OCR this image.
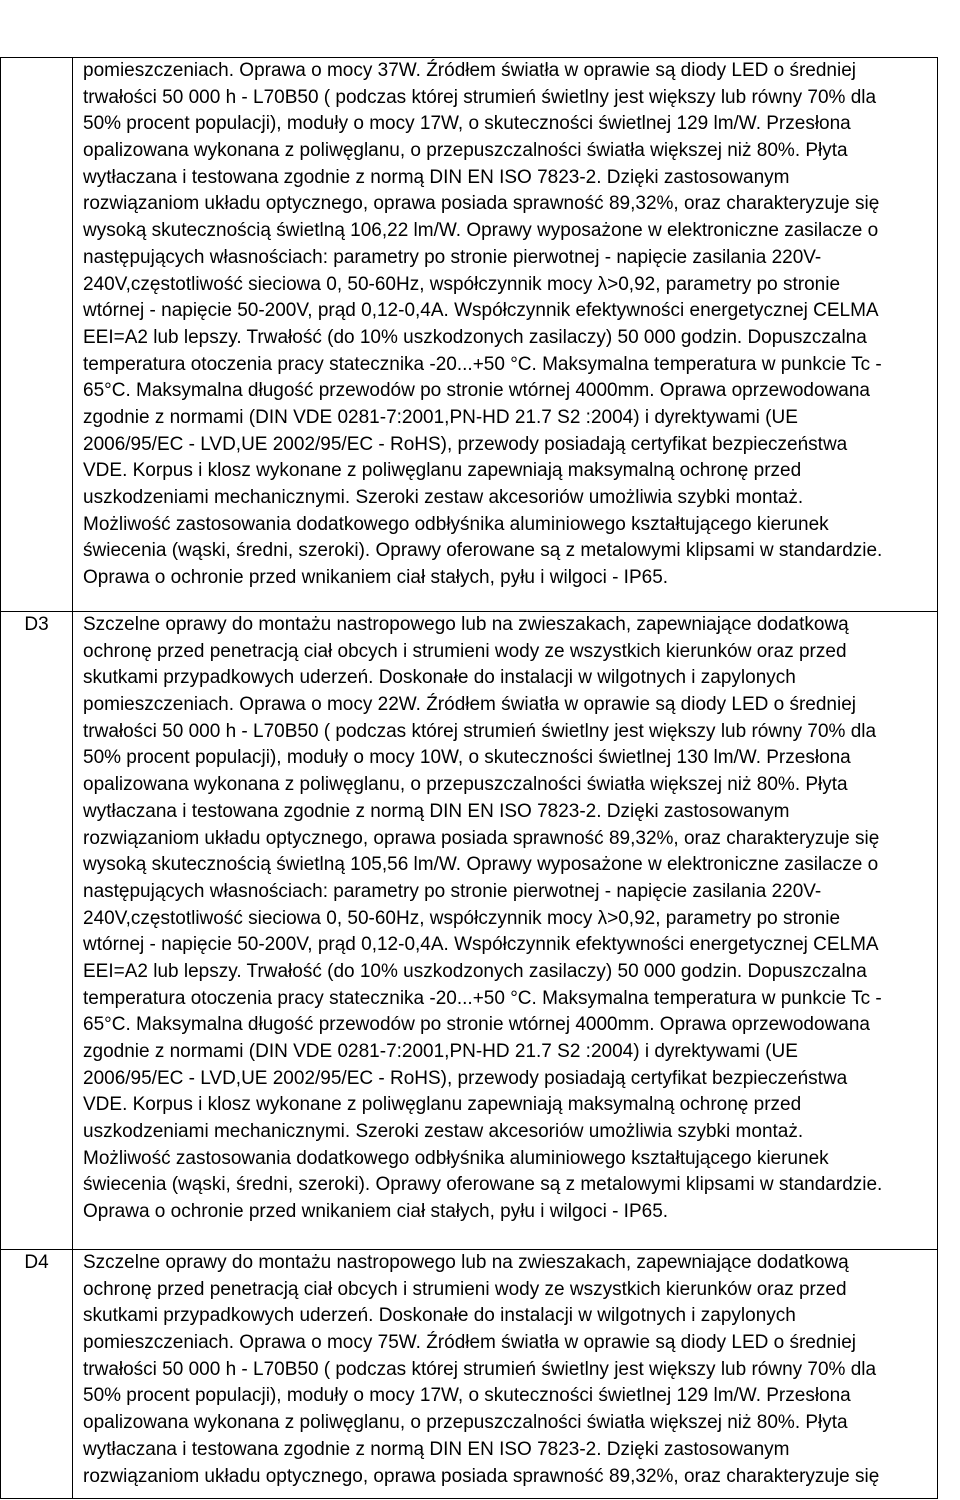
pomieszczeniach. Oprawa o mocy 37W. Źródłem światła w oprawie są diody LED o średniej
trwałości 50 000 h - L70B50 ( podczas której strumień świetlny jest większy lub równy 70% dla
50% procent populacji), moduły o mocy 17W, o skuteczności świetlnej 129 lm/W. Przesłona
opalizowana wykonana z poliwęglanu, o przepuszczalności światła większej niż 80%. Płyta
wytłaczana i testowana zgodnie z normą DIN EN ISO 7823-2. Dzięki zastosowanym
rozwiązaniom układu optycznego, oprawa posiada sprawność 89,32%, oraz charakteryzuje się
wysoką skutecznością świetlną 106,22 lm/W. Oprawy wyposażone w elektroniczne zasilacze o
następujących własnościach: parametry po stronie pierwotnej - napięcie zasilania 220V-
240V,częstotliwość sieciowa 0, 50-60Hz, współczynnik mocy λ>0,92, parametry po stronie
wtórnej - napięcie 50-200V, prąd 0,12-0,4A. Współczynnik efektywności energetycznej CELMA
EEI=A2 lub lepszy. Trwałość (do 10% uszkodzonych zasilaczy) 50 000 godzin. Dopuszczalna
temperatura otoczenia pracy statecznika -20...+50 °C. Maksymalna temperatura w punkcie Tc -
65°C. Maksymalna długość przewodów po stronie wtórnej 4000mm. Oprawa oprzewodowana
zgodnie z normami (DIN VDE 0281-7:2001,PN-HD 21.7 S2 :2004) i dyrektywami (UE
2006/95/EC - LVD,UE 2002/95/EC - RoHS), przewody posiadają certyfikat bezpieczeństwa
VDE. Korpus i klosz wykonane z poliwęglanu zapewniają maksymalną ochronę przed
uszkodzeniami mechanicznymi. Szeroki zestaw akcesoriów umożliwia szybki montaż.
Możliwość zastosowania dodatkowego odbłyśnika aluminiowego kształtującego kierunek
świecenia (wąski, średni, szeroki). Oprawy oferowane są z metalowymi klipsami w standardzie.
Oprawa o ochronie przed wnikaniem ciał stałych, pyłu i wilgoci - IP65.
D3	Szczelne oprawy do montażu nastropowego lub na zwieszakach, zapewniające dodatkową
ochronę przed penetracją ciał obcych i strumieni wody ze wszystkich kierunków oraz przed
skutkami przypadkowych uderzeń. Doskonałe do instalacji w wilgotnych i zapylonych
pomieszczeniach. Oprawa o mocy 22W. Źródłem światła w oprawie są diody LED o średniej
trwałości 50 000 h - L70B50 ( podczas której strumień świetlny jest większy lub równy 70% dla
50% procent populacji), moduły o mocy 10W, o skuteczności świetlnej 130 lm/W. Przesłona
opalizowana wykonana z poliwęglanu, o przepuszczalności światła większej niż 80%. Płyta
wytłaczana i testowana zgodnie z normą DIN EN ISO 7823-2. Dzięki zastosowanym
rozwiązaniom układu optycznego, oprawa posiada sprawność 89,32%, oraz charakteryzuje się
wysoką skutecznością świetlną 105,56 lm/W. Oprawy wyposażone w elektroniczne zasilacze o
następujących własnościach: parametry po stronie pierwotnej - napięcie zasilania 220V-
240V,częstotliwość sieciowa 0, 50-60Hz, współczynnik mocy λ>0,92, parametry po stronie
wtórnej - napięcie 50-200V, prąd 0,12-0,4A. Współczynnik efektywności energetycznej CELMA
EEI=A2 lub lepszy. Trwałość (do 10% uszkodzonych zasilaczy) 50 000 godzin. Dopuszczalna
temperatura otoczenia pracy statecznika -20...+50 °C. Maksymalna temperatura w punkcie Tc -
65°C. Maksymalna długość przewodów po stronie wtórnej 4000mm. Oprawa oprzewodowana
zgodnie z normami (DIN VDE 0281-7:2001,PN-HD 21.7 S2 :2004) i dyrektywami (UE
2006/95/EC - LVD,UE 2002/95/EC - RoHS), przewody posiadają certyfikat bezpieczeństwa
VDE. Korpus i klosz wykonane z poliwęglanu zapewniają maksymalną ochronę przed
uszkodzeniami mechanicznymi. Szeroki zestaw akcesoriów umożliwia szybki montaż.
Możliwość zastosowania dodatkowego odbłyśnika aluminiowego kształtującego kierunek
świecenia (wąski, średni, szeroki). Oprawy oferowane są z metalowymi klipsami w standardzie.
Oprawa o ochronie przed wnikaniem ciał stałych, pyłu i wilgoci - IP65.
D4	Szczelne oprawy do montażu nastropowego lub na zwieszakach, zapewniające dodatkową
ochronę przed penetracją ciał obcych i strumieni wody ze wszystkich kierunków oraz przed
skutkami przypadkowych uderzeń. Doskonałe do instalacji w wilgotnych i zapylonych
pomieszczeniach. Oprawa o mocy 75W. Źródłem światła w oprawie są diody LED o średniej
trwałości 50 000 h - L70B50 ( podczas której strumień świetlny jest większy lub równy 70% dla
50% procent populacji), moduły o mocy 17W, o skuteczności świetlnej 129 lm/W. Przesłona
opalizowana wykonana z poliwęglanu, o przepuszczalności światła większej niż 80%. Płyta
wytłaczana i testowana zgodnie z normą DIN EN ISO 7823-2. Dzięki zastosowanym
rozwiązaniom układu optycznego, oprawa posiada sprawność 89,32%, oraz charakteryzuje się
